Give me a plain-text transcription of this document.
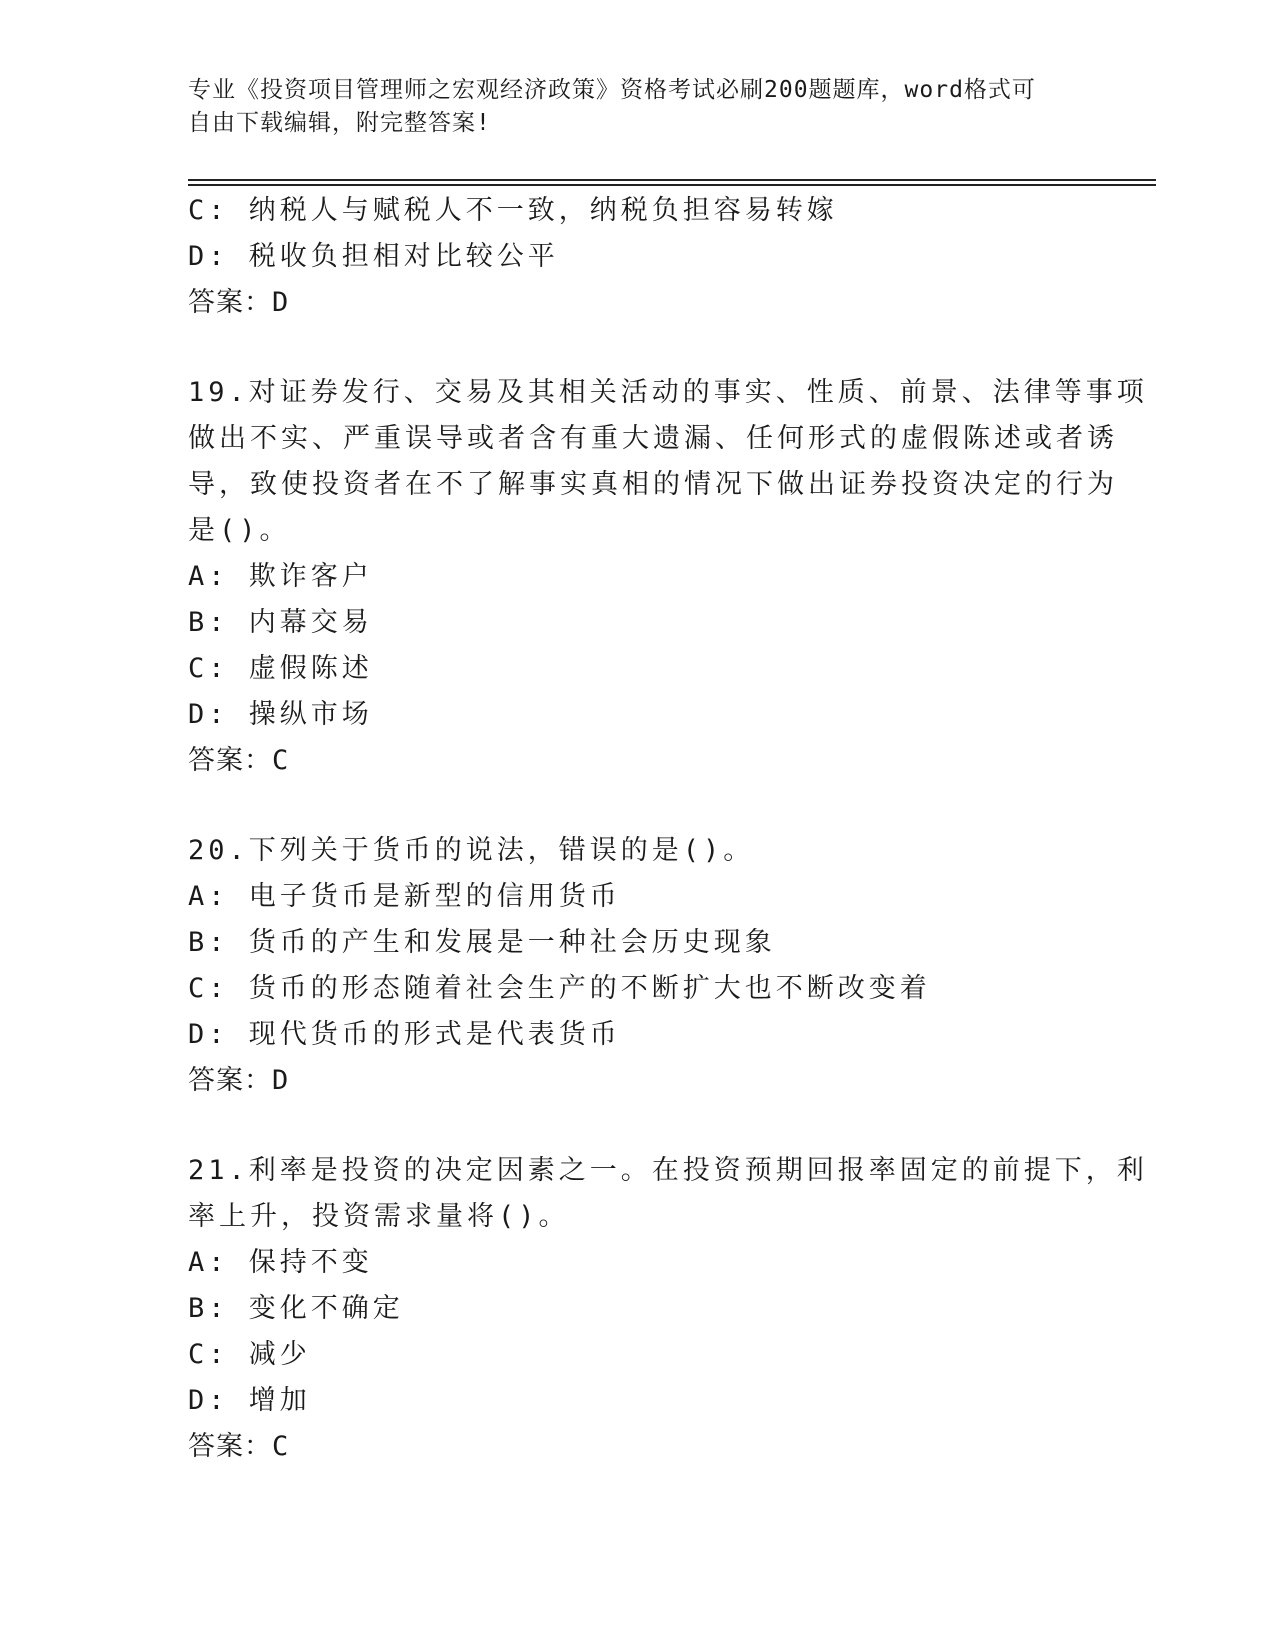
专业《投资项目管理师之宏观经济政策》资格考试必刷200题题库，word格式可
自由下载编辑，附完整答案!
C: 纳税人与赋税人不一致，纳税负担容易转嫁
D: 税收负担相对比较公平
答案：D
19.对证券发行、交易及其相关活动的事实、性质、前景、法律等事项
做出不实、严重误导或者含有重大遗漏、任何形式的虚假陈述或者诱
导，致使投资者在不了解事实真相的情况下做出证券投资决定的行为
是()。
A: 欺诈客户
B: 内幕交易
C: 虚假陈述
D: 操纵市场
答案：C
20.下列关于货币的说法，错误的是()。
A: 电子货币是新型的信用货币
B: 货币的产生和发展是一种社会历史现象
C: 货币的形态随着社会生产的不断扩大也不断改变着
D: 现代货币的形式是代表货币
答案：D
21.利率是投资的决定因素之一。在投资预期回报率固定的前提下，利
率上升，投资需求量将()。
A: 保持不变
B: 变化不确定
C: 减少
D: 增加
答案：C
